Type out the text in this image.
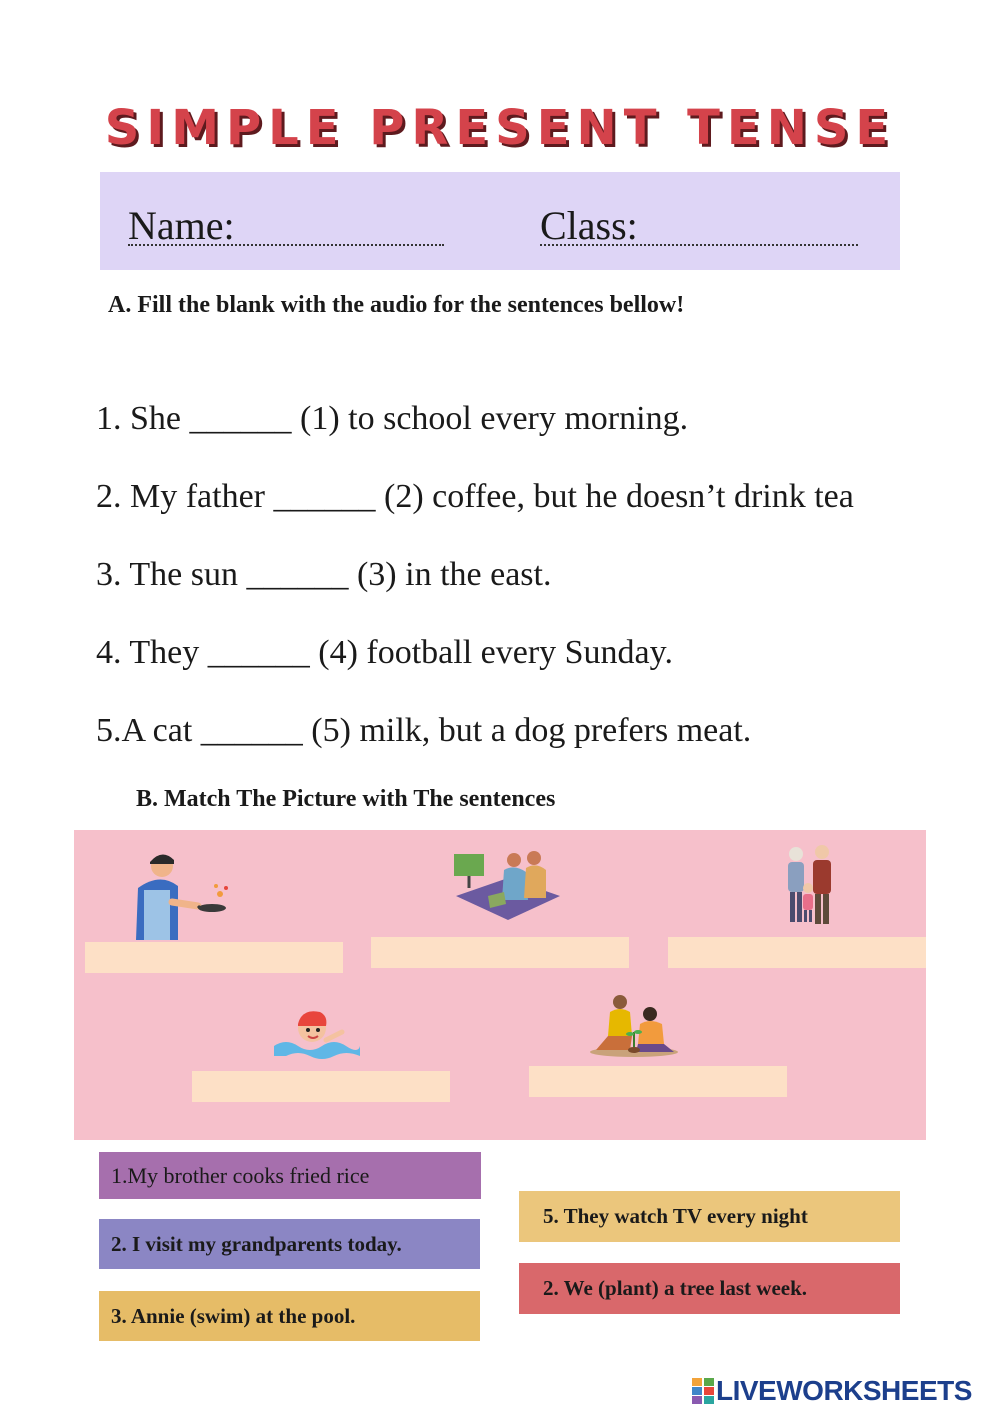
SIMPLE PRESENT TENSE
Name:	Class:
A. Fill the blank with the audio for the sentences bellow!
1. She ______ (1) to school every morning.
2. My father ______ (2) coffee, but he doesn’t drink tea
3. The sun ______ (3) in the east.
4. They ______ (4) football every Sunday.
5.A cat ______ (5) milk, but a dog prefers meat.
B. Match The Picture with The sentences
1.My brother cooks fried rice
2. I visit my grandparents today.
3. Annie (swim) at the pool.
5. They watch TV every night
2. We (plant) a tree last week.
LIVEWORKSHEETS
